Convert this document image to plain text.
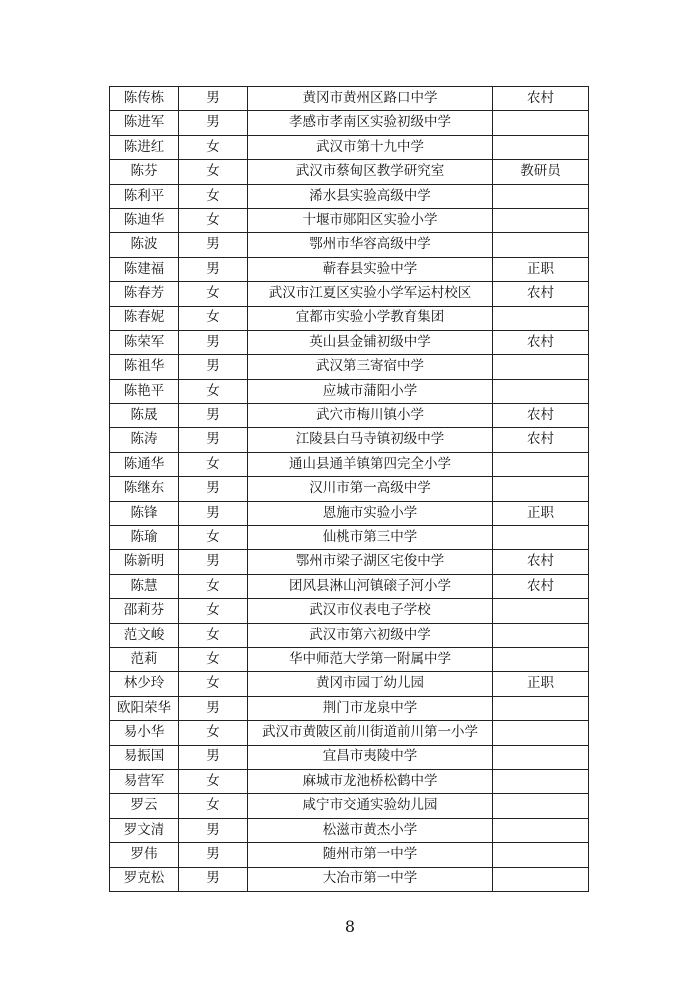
陈传栋	男	黄冈市黄州区路口中学	农村
陈进军	男	孝感市孝南区实验初级中学	
陈进红	女	武汉市第十九中学	
陈芬	女	武汉市蔡甸区教学研究室	教研员
陈利平	女	浠水县实验高级中学	
陈迪华	女	十堰市郧阳区实验小学	
陈波	男	鄂州市华容高级中学	
陈建福	男	蕲春县实验中学	正职
陈春芳	女	武汉市江夏区实验小学军运村校区	农村
陈春妮	女	宜都市实验小学教育集团	
陈荣军	男	英山县金铺初级中学	农村
陈祖华	男	武汉第三寄宿中学	
陈艳平	女	应城市蒲阳小学	
陈晟	男	武穴市梅川镇小学	农村
陈涛	男	江陵县白马寺镇初级中学	农村
陈通华	女	通山县通羊镇第四完全小学	
陈继东	男	汉川市第一高级中学	
陈锋	男	恩施市实验小学	正职
陈瑜	女	仙桃市第三中学	
陈新明	男	鄂州市梁子湖区宅俊中学	农村
陈慧	女	团风县淋山河镇磙子河小学	农村
邵莉芬	女	武汉市仪表电子学校	
范文峻	女	武汉市第六初级中学	
范莉	女	华中师范大学第一附属中学	
林少玲	女	黄冈市园丁幼儿园	正职
欧阳荣华	男	荆门市龙泉中学	
易小华	女	武汉市黄陂区前川街道前川第一小学	
易振国	男	宜昌市夷陵中学	
易营军	女	麻城市龙池桥松鹤中学	
罗云	女	咸宁市交通实验幼儿园	
罗文清	男	松滋市黄杰小学	
罗伟	男	随州市第一中学	
罗克松	男	大冶市第一中学	
8
